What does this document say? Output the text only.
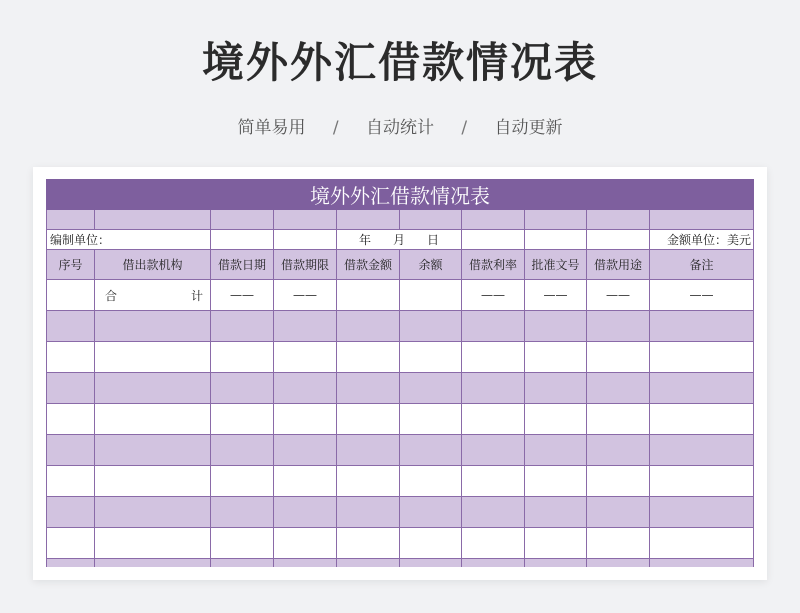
境外外汇借款情况表
简单易用 / 自动统计 / 自动更新
境外外汇借款情况表									

编制单位：				年 月 日					金额单位：美元
序号	借出款机构	借款日期	借款期限	借款金额	余额	借款利率	批准文号	借款用途	备注

	合 计	——	——			——	——	——	——
